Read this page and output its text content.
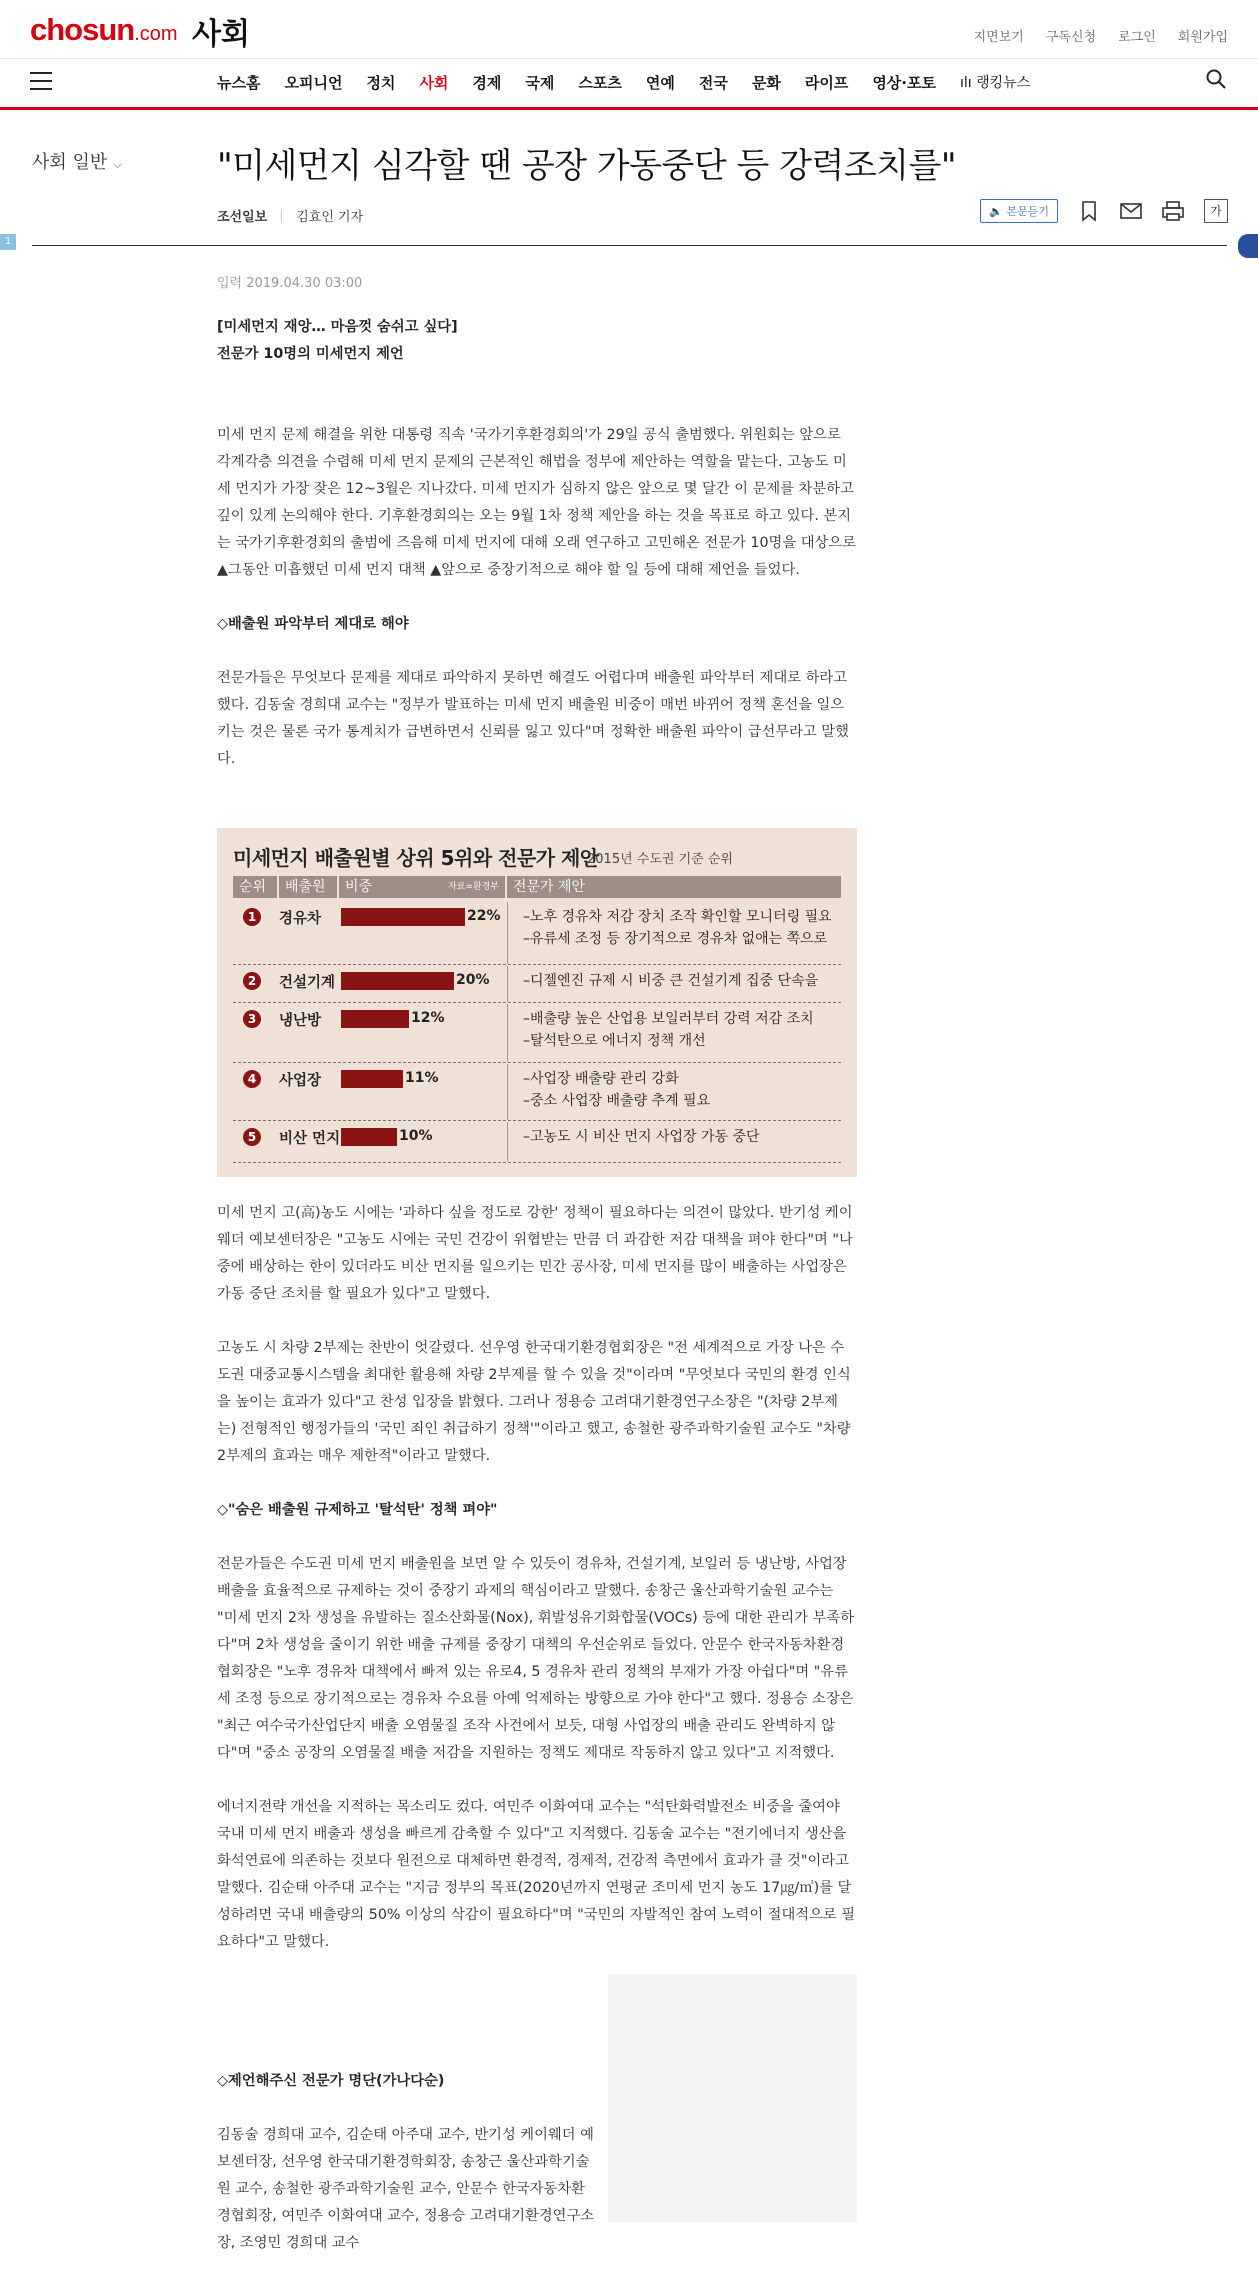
chosun.com 사회	지면보기 구독신청 로그인 회원가입
뉴스홈 오피니언 정치 사회 경제 국제 스포츠 연예 전국 문화 라이프 영상·포토 ılı 랭킹뉴스
사회 일반 ⌵	"미세먼지 심각할 땐 공장 가동중단 등 강력조치를"
조선일보 김효인 기자	🔈 본문듣기	가
1
입력 2019.04.30 03:00

[미세먼지 재앙… 마음껏 숨쉬고 싶다]

전문가 10명의 미세먼지 제언

미세 먼지 문제 해결을 위한 대통령 직속 '국가기후환경회의'가 29일 공식 출범했다. 위원회는 앞으로 각계각층 의견을 수렴해 미세 먼지 문제의 근본적인 해법을 정부에 제안하는 역할을 맡는다. 고농도 미세 먼지가 가장 잦은 12~3월은 지나갔다. 미세 먼지가 심하지 않은 앞으로 몇 달간 이 문제를 차분하고 깊이 있게 논의해야 한다. 기후환경회의는 오는 9월 1차 정책 제안을 하는 것을 목표로 하고 있다. 본지는 국가기후환경회의 출범에 즈음해 미세 먼지에 대해 오래 연구하고 고민해온 전문가 10명을 대상으로 ▲그동안 미흡했던 미세 먼지 대책 ▲앞으로 중장기적으로 해야 할 일 등에 대해 제언을 들었다.

◇배출원 파악부터 제대로 해야

전문가들은 무엇보다 문제를 제대로 파악하지 못하면 해결도 어렵다며 배출원 파악부터 제대로 하라고 했다. 김동술 경희대 교수는 "정부가 발표하는 미세 먼지 배출원 비중이 매번 바뀌어 정책 혼선을 일으키는 것은 물론 국가 통계치가 급변하면서 신뢰를 잃고 있다"며 정확한 배출원 파악이 급선무라고 말했다.

미세먼지 배출원별 상위 5위와 전문가 제안
2015년 수도권 기준 순위
순위	배출원	비중	자료=환경부	전문가 제안
1	경유차	22% –노후 경유차 저감 장치 조작 확인할 모니터링 필요
–유류세 조정 등 장기적으로 경유차 없애는 쪽으로
2	건설기계	20% –디젤엔진 규제 시 비중 큰 건설기계 집중 단속을
3	냉난방	12%	–배출량 높은 산업용 보일러부터 강력 저감 조치
–탈석탄으로 에너지 정책 개선
4	사업장	11%	–사업장 배출량 관리 강화
–중소 사업장 배출량 추계 필요
5	비산 먼지	10%	–고농도 시 비산 먼지 사업장 가동 중단

미세 먼지 고(高)농도 시에는 '과하다 싶을 정도로 강한' 정책이 필요하다는 의견이 많았다. 반기성 케이웨더 예보센터장은 "고농도 시에는 국민 건강이 위협받는 만큼 더 과감한 저감 대책을 펴야 한다"며 "나중에 배상하는 한이 있더라도 비산 먼지를 일으키는 민간 공사장, 미세 먼지를 많이 배출하는 사업장은 가동 중단 조치를 할 필요가 있다"고 말했다.

고농도 시 차량 2부제는 찬반이 엇갈렸다. 선우영 한국대기환경협회장은 "전 세계적으로 가장 나은 수도권 대중교통시스템을 최대한 활용해 차량 2부제를 할 수 있을 것"이라며 "무엇보다 국민의 환경 인식을 높이는 효과가 있다"고 찬성 입장을 밝혔다. 그러나 정용승 고려대기환경연구소장은 "(차량 2부제는) 전형적인 행정가들의 '국민 죄인 취급하기 정책'"이라고 했고, 송철한 광주과학기술원 교수도 "차량 2부제의 효과는 매우 제한적"이라고 말했다.

◇"숨은 배출원 규제하고 '탈석탄' 정책 펴야"

전문가들은 수도권 미세 먼지 배출원을 보면 알 수 있듯이 경유차, 건설기계, 보일러 등 냉난방, 사업장 배출을 효율적으로 규제하는 것이 중장기 과제의 핵심이라고 말했다. 송창근 울산과학기술원 교수는 "미세 먼지 2차 생성을 유발하는 질소산화물(Nox), 휘발성유기화합물(VOCs) 등에 대한 관리가 부족하다"며 2차 생성을 줄이기 위한 배출 규제를 중장기 대책의 우선순위로 들었다. 안문수 한국자동차환경협회장은 "노후 경유차 대책에서 빠져 있는 유로4, 5 경유차 관리 정책의 부재가 가장 아쉽다"며 "유류세 조정 등으로 장기적으로는 경유차 수요를 아예 억제하는 방향으로 가야 한다"고 했다. 정용승 소장은 "최근 여수국가산업단지 배출 오염물질 조작 사건에서 보듯, 대형 사업장의 배출 관리도 완벽하지 않다"며 "중소 공장의 오염물질 배출 저감을 지원하는 정책도 제대로 작동하지 않고 있다"고 지적했다.

에너지전략 개선을 지적하는 목소리도 컸다. 여민주 이화여대 교수는 "석탄화력발전소 비중을 줄여야 국내 미세 먼지 배출과 생성을 빠르게 감축할 수 있다"고 지적했다. 김동술 교수는 "전기에너지 생산을 화석연료에 의존하는 것보다 원전으로 대체하면 환경적, 경제적, 건강적 측면에서 효과가 클 것"이라고 말했다. 김순태 아주대 교수는 "지금 정부의 목표(2020년까지 연평균 조미세 먼지 농도 17㎍/㎥)를 달성하려면 국내 배출량의 50% 이상의 삭감이 필요하다"며 "국민의 자발적인 참여 노력이 절대적으로 필요하다"고 말했다.

◇제언해주신 전문가 명단(가나다순)

김동술 경희대 교수, 김순태 아주대 교수, 반기성 케이웨더 예보센터장, 선우영 한국대기환경학회장, 송창근 울산과학기술원 교수, 송철한 광주과학기술원 교수, 안문수 한국자동차환경협회장, 여민주 이화여대 교수, 정용승 고려대기환경연구소장, 조영민 경희대 교수
